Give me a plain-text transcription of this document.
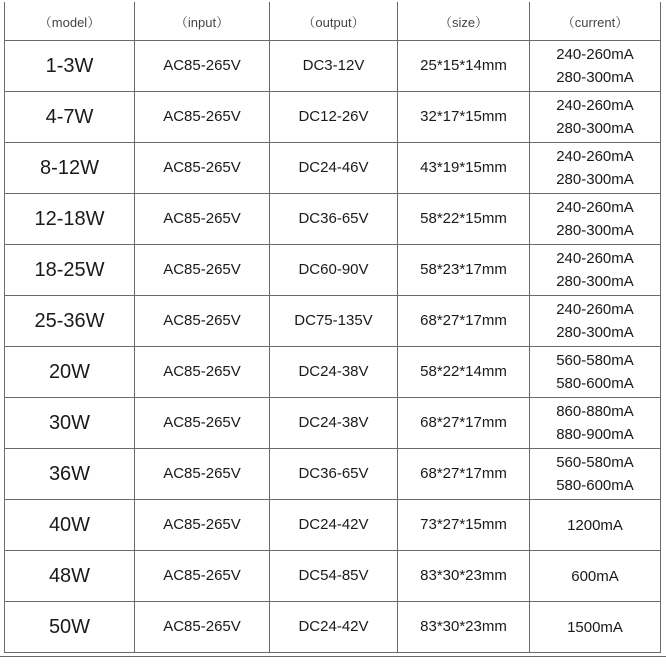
（model）	（input）	（output）	（size）	（current）
1-3W	AC85-265V	DC3-12V	25*15*14mm	240-260mA
280-300mA

4-7W	AC85-265V	DC12-26V	32*17*15mm	240-260mA
280-300mA

8-12W	AC85-265V	DC24-46V	43*19*15mm	240-260mA
280-300mA

12-18W	AC85-265V	DC36-65V	58*22*15mm	240-260mA
280-300mA

18-25W	AC85-265V	DC60-90V	58*23*17mm	240-260mA
280-300mA

25-36W	AC85-265V	DC75-135V	68*27*17mm	240-260mA
280-300mA

20W	AC85-265V	DC24-38V	58*22*14mm	560-580mA
580-600mA

30W	AC85-265V	DC24-38V	68*27*17mm	860-880mA
880-900mA

36W	AC85-265V	DC36-65V	68*27*17mm	560-580mA
580-600mA

40W	AC85-265V	DC24-42V	73*27*15mm	1200mA

48W	AC85-265V	DC54-85V	83*30*23mm	600mA

50W	AC85-265V	DC24-42V	83*30*23mm	1500mA
